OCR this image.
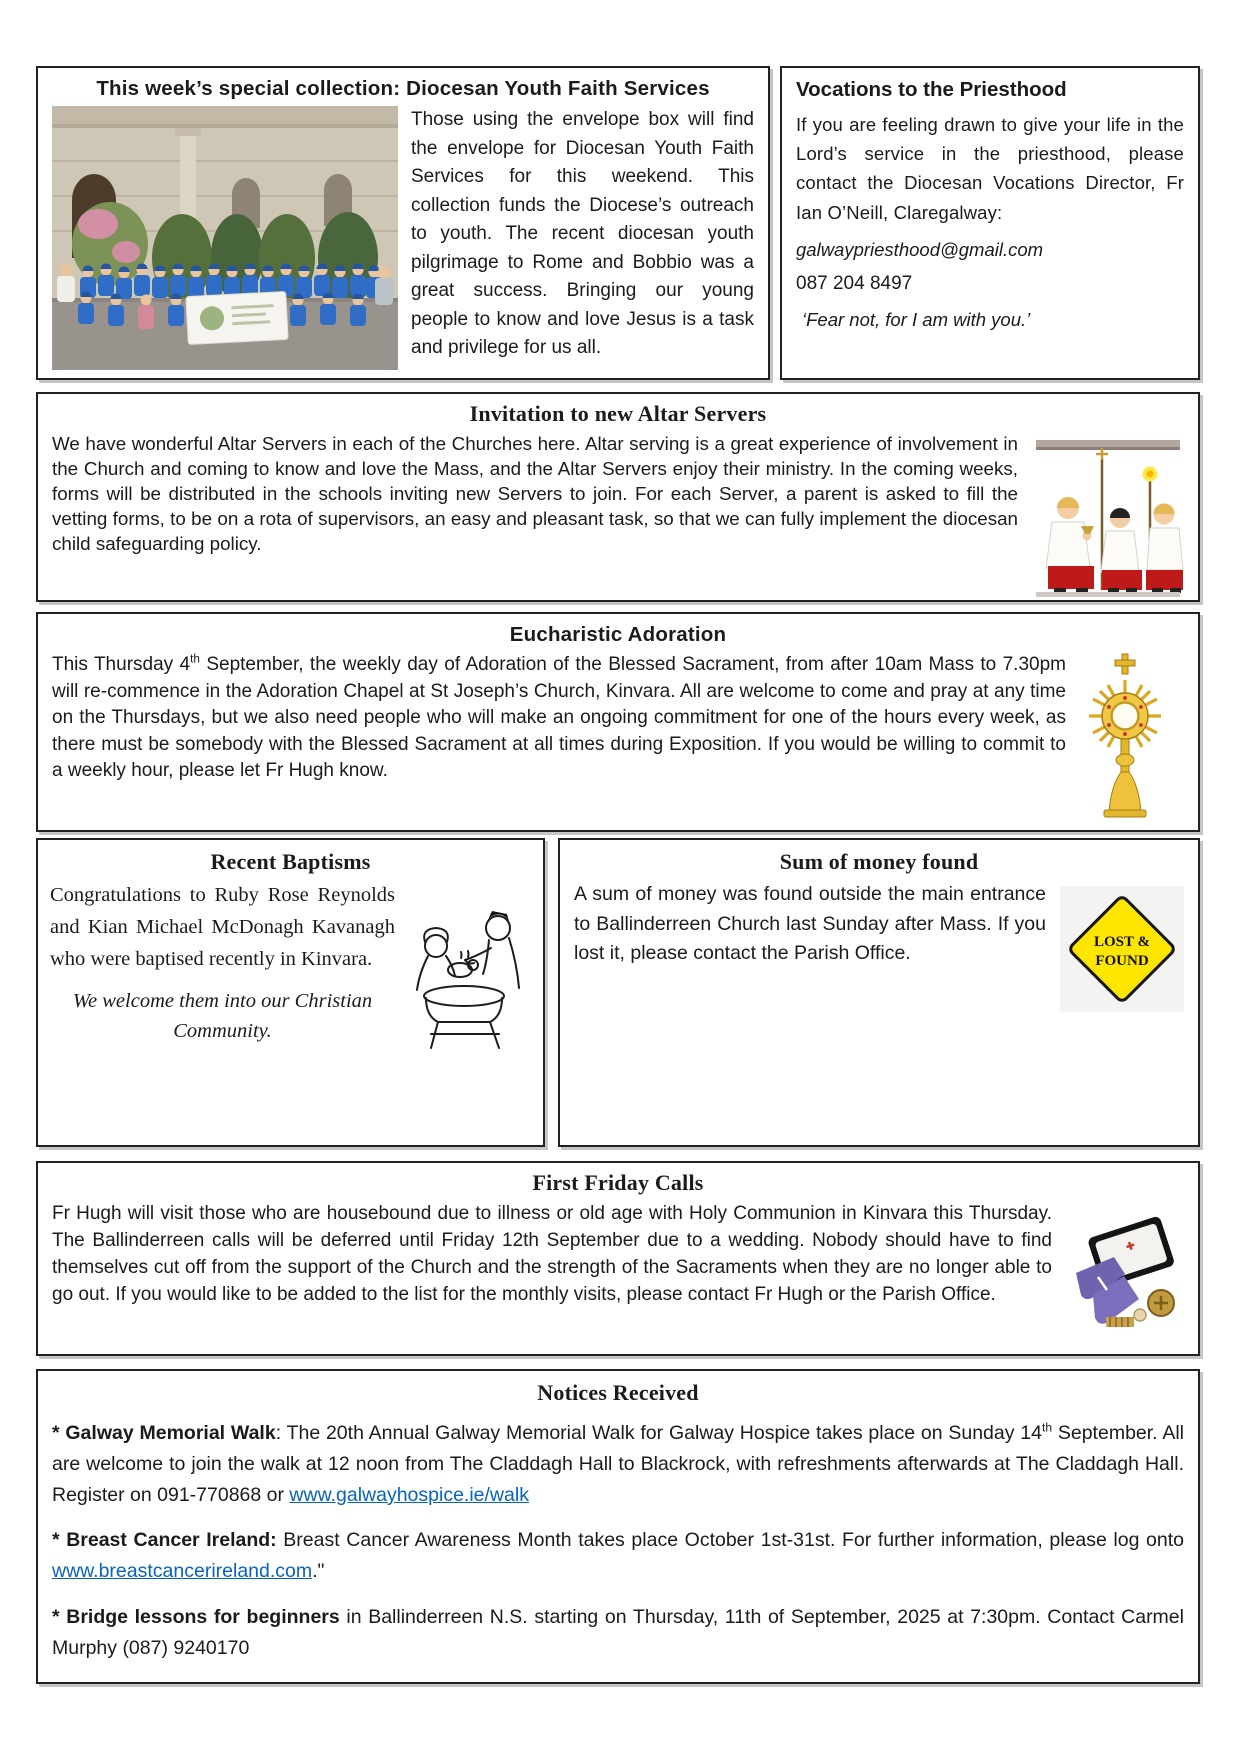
This week’s special collection: Diocesan Youth Faith Services

Those using the envelope box will find the envelope for Diocesan Youth Faith Services for this weekend. This collection funds the Diocese’s outreach to youth. The recent diocesan youth pilgrimage to Rome and Bobbio was a great success. Bringing our young people to know and love Jesus is a task and privilege for us all.

Vocations to the Priesthood

If you are feeling drawn to give your life in the Lord’s service in the priesthood, please contact the Diocesan Vocations Director, Fr Ian O’Neill, Claregalway:

galwaypriesthood@gmail.com

087 204 8497

‘Fear not, for I am with you.’

Invitation to new Altar Servers

We have wonderful Altar Servers in each of the Churches here. Altar serving is a great experience of involvement in the Church and coming to know and love the Mass, and the Altar Servers enjoy their ministry. In the coming weeks, forms will be distributed in the schools inviting new Servers to join. For each Server, a parent is asked to fill the vetting forms, to be on a rota of supervisors, an easy and pleasant task, so that we can fully implement the diocesan child safeguarding policy.

Eucharistic Adoration

This Thursday 4th September, the weekly day of Adoration of the Blessed Sacrament, from after 10am Mass to 7.30pm will re-commence in the Adoration Chapel at St Joseph’s Church, Kinvara. All are welcome to come and pray at any time on the Thursdays, but we also need people who will make an ongoing commitment for one of the hours every week, as there must be somebody with the Blessed Sacrament at all times during Exposition. If you would be willing to commit to a weekly hour, please let Fr Hugh know.

Recent Baptisms

Congratulations to Ruby Rose Reynolds and Kian Michael McDonagh Kavanagh who were baptised recently in Kinvara.

We welcome them into our Christian Community.

Sum of money found

A sum of money was found outside the main entrance to Ballinderreen Church last Sunday after Mass. If you lost it, please contact the Parish Office.

LOST &
FOUND
First Friday Calls

Fr Hugh will visit those who are housebound due to illness or old age with Holy Communion in Kinvara this Thursday. The Ballinderreen calls will be deferred until Friday 12th September due to a wedding. Nobody should have to find themselves cut off from the support of the Church and the strength of the Sacraments when they are no longer able to go out. If you would like to be added to the list for the monthly visits, please contact Fr Hugh or the Parish Office.

Notices Received

* Galway Memorial Walk: The 20th Annual Galway Memorial Walk for Galway Hospice takes place on Sunday 14th September. All are welcome to join the walk at 12 noon from The Claddagh Hall to Blackrock, with refreshments afterwards at The Claddagh Hall. Register on 091-770868 or www.galwayhospice.ie/walk

* Breast Cancer Ireland: Breast Cancer Awareness Month takes place October 1st-31st. For further information, please log onto www.breastcancerireland.com."

* Bridge lessons for beginners in Ballinderreen N.S. starting on Thursday, 11th of September, 2025 at 7:30pm. Contact Carmel Murphy (087) 9240170
